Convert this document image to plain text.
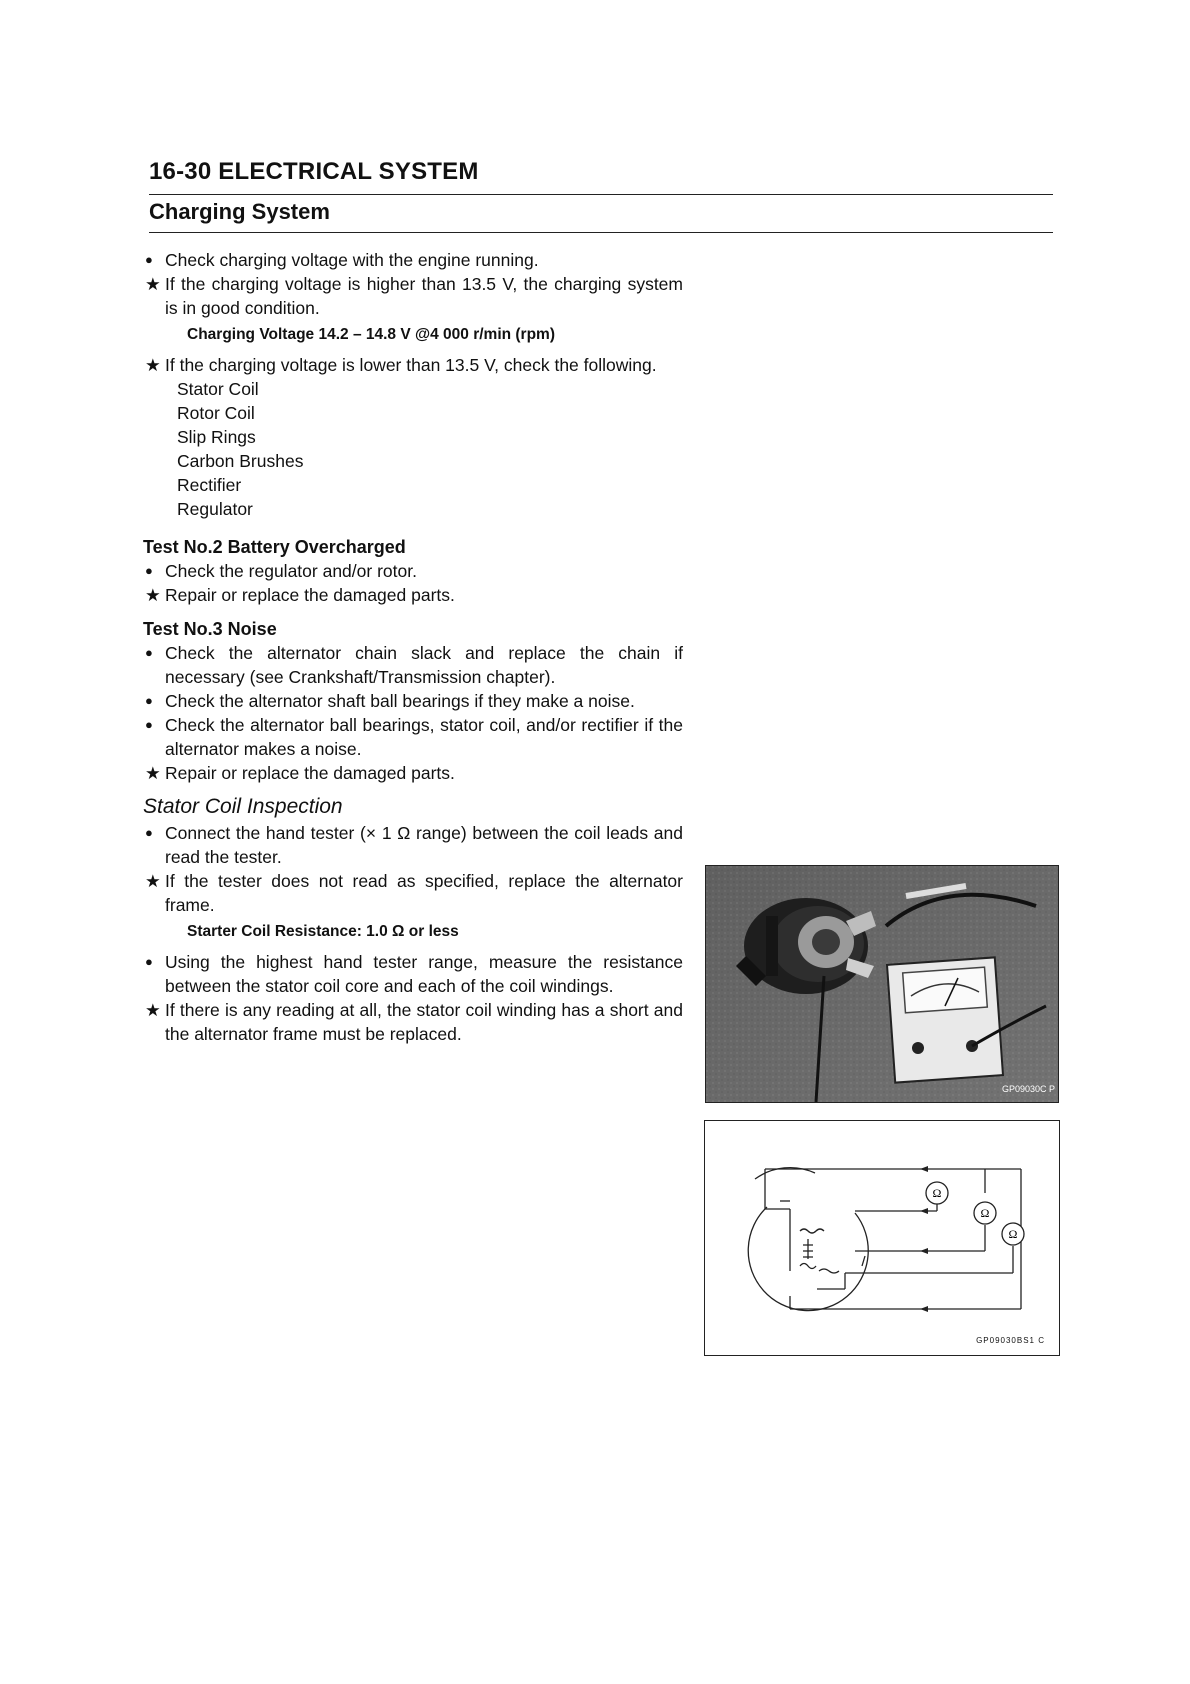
16-30 ELECTRICAL SYSTEM
Charging System
● Check charging voltage with the engine running.
★ If the charging voltage is higher than 13.5 V, the charging system is in good condition.
Charging Voltage 14.2 – 14.8 V @4 000 r/min (rpm)
★ If the charging voltage is lower than 13.5 V, check the following.
Stator Coil
Rotor Coil
Slip Rings
Carbon Brushes
Rectifier
Regulator
Test No.2 Battery Overcharged
● Check the regulator and/or rotor.
★ Repair or replace the damaged parts.
Test No.3 Noise
● Check the alternator chain slack and replace the chain if necessary (see Crankshaft/Transmission chapter).
● Check the alternator shaft ball bearings if they make a noise.
● Check the alternator ball bearings, stator coil, and/or rectifier if the alternator makes a noise.
★ Repair or replace the damaged parts.
Stator Coil Inspection
● Connect the hand tester (× 1 Ω range) between the coil leads and read the tester.
★ If the tester does not read as specified, replace the alternator frame.
Starter Coil Resistance: 1.0 Ω or less
● Using the highest hand tester range, measure the resistance between the stator coil core and each of the coil windings.
★ If there is any reading at all, the stator coil winding has a short and the alternator frame must be replaced.
GP09030C P
Ω
Ω
Ω
GP09030BS1 C
